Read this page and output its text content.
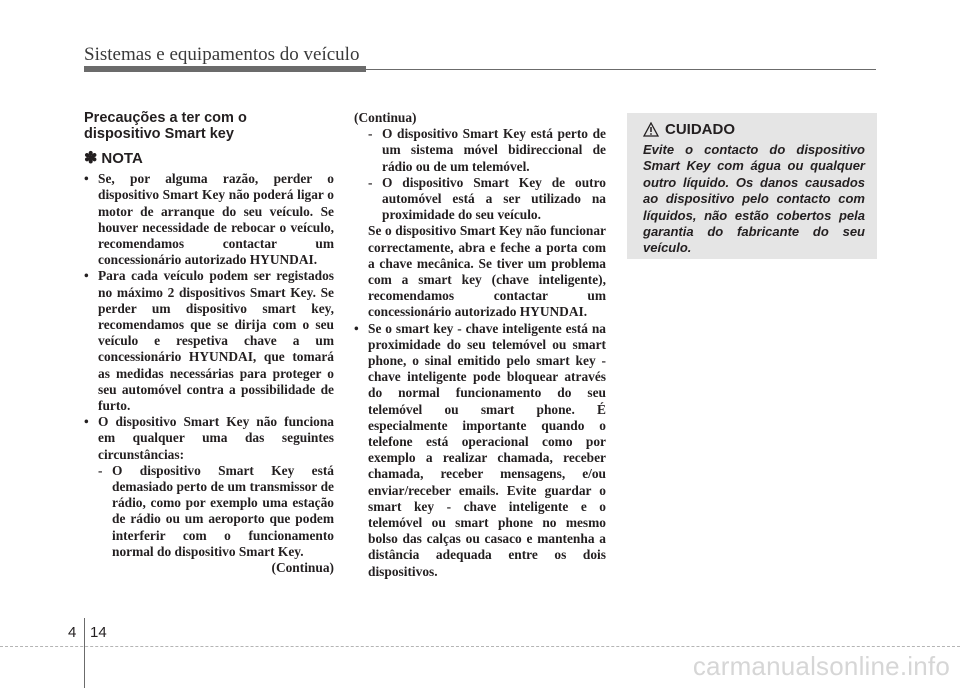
Sistemas e equipamentos do veículo
Precauções a ter com o
dispositivo Smart key
✽ NOTA
• Se, por alguma razão, perder o dispositivo Smart Key não poderá ligar o motor de arranque do seu veículo. Se houver necessidade de rebocar o veículo, recomendamos contactar um concessionário autorizado HYUNDAI.
• Para cada veículo podem ser registados no máximo 2 dispositivos Smart Key. Se perder um dispositivo smart key, recomendamos que se dirija com o seu veículo e respetiva chave a um concessionário HYUNDAI, que tomará as medidas necessárias para proteger o seu automóvel contra a possibilidade de furto.
• O dispositivo Smart Key não funciona em qualquer uma das seguintes circunstâncias:
- O dispositivo Smart Key está demasiado perto de um transmissor de rádio, como por exemplo uma estação de rádio ou um aeroporto que podem interferir com o funcionamento normal do dispositivo Smart Key.
(Continua)
(Continua)
- O dispositivo Smart Key está perto de um sistema móvel bidireccional de rádio ou de um telemóvel.
- O dispositivo Smart Key de outro automóvel está a ser utilizado na proximidade do seu veículo.
Se o dispositivo Smart Key não funcionar correctamente, abra e feche a porta com a chave mecânica. Se tiver um problema com a smart key (chave inteligente), recomendamos contactar um concessionário autorizado HYUNDAI.
• Se o smart key - chave inteligente está na proximidade do seu telemóvel ou smart phone, o sinal emitido pelo smart key - chave inteligente pode bloquear através do normal funcionamento do seu telemóvel ou smart phone. É especialmente importante quando o telefone está operacional como por exemplo a realizar chamada, receber chamada, receber mensagens, e/ou enviar/receber emails. Evite guardar o smart key - chave inteligente e o telemóvel ou smart phone no mesmo bolso das calças ou casaco e mantenha a distância adequada entre os dois dispositivos.
CUIDADO
Evite o contacto do dispositivo Smart Key com água ou qualquer outro líquido. Os danos causados ao dispositivo pelo contacto com líquidos, não estão cobertos pela garantia do fabricante do seu veículo.
4 14
carmanualsonline.info
